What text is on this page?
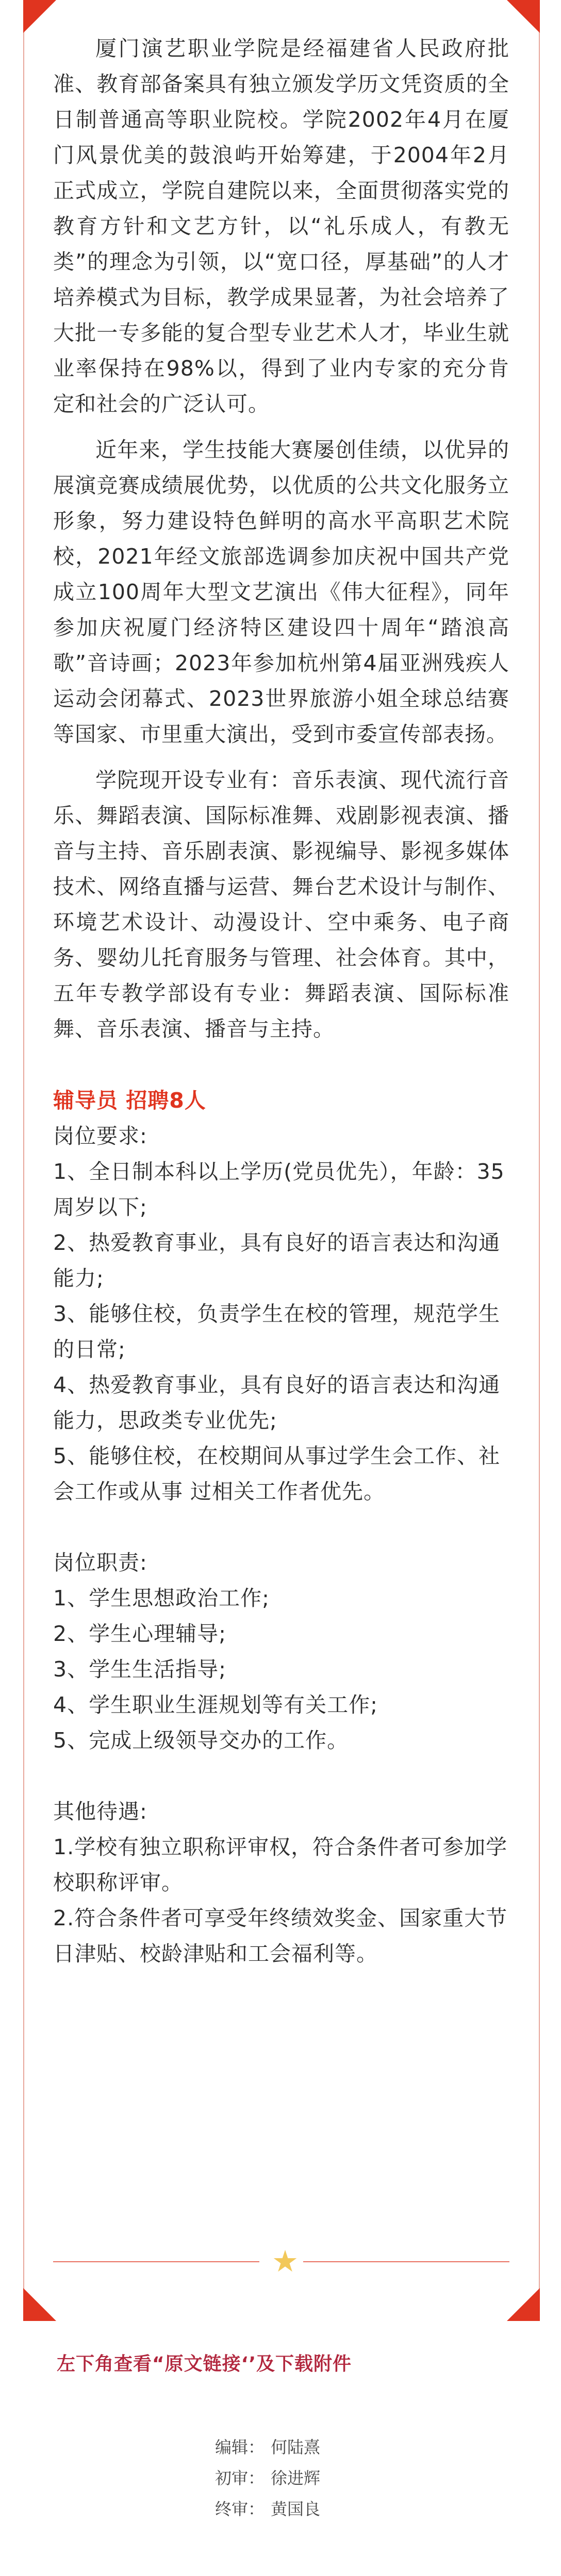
厦门演艺职业学院是经福建省人民政府批准、教育部备案具有独立颁发学历文凭资质的全日制普通高等职业院校。学院2002年4月在厦门风景优美的鼓浪屿开始筹建，于2004年2月正式成立，学院自建院以来，全面贯彻落实党的教育方针和文艺方针，以“礼乐成人，有教无类”的理念为引领，以“宽口径，厚基础”的人才培养模式为目标，教学成果显著，为社会培养了大批一专多能的复合型专业艺术人才，毕业生就业率保持在98%以，得到了业内专家的充分肯定和社会的广泛认可。

近年来，学生技能大赛屡创佳绩，以优异的展演竞赛成绩展优势，以优质的公共文化服务立形象，努力建设特色鲜明的高水平高职艺术院校，2021年经文旅部选调参加庆祝中国共产党成立100周年大型文艺演出《伟大征程》，同年参加庆祝厦门经济特区建设四十周年“踏浪高歌”音诗画；2023年参加杭州第4届亚洲残疾人运动会闭幕式、2023世界旅游小姐全球总结赛等国家、市里重大演出，受到市委宣传部表扬。

学院现开设专业有：音乐表演、现代流行音乐、舞蹈表演、国际标准舞、戏剧影视表演、播音与主持、音乐剧表演、影视编导、影视多媒体技术、网络直播与运营、舞台艺术设计与制作、环境艺术设计、动漫设计、空中乘务、电子商务、婴幼儿托育服务与管理、社会体育。其中，五年专教学部设有专业：舞蹈表演、国际标准舞、音乐表演、播音与主持。

辅导员 招聘8人

岗位要求:

1、全日制本科以上学历(党员优先），年龄：35周岁以下;

2、热爱教育事业，具有良好的语言表达和沟通能力;

3、能够住校，负责学生在校的管理，规范学生的日常;

4、热爱教育事业，具有良好的语言表达和沟通能力，思政类专业优先;

5、能够住校，在校期间从事过学生会工作、社会工作或从事 过相关工作者优先。

岗位职责:

1、学生思想政治工作;

2、学生心理辅导;

3、学生生活指导;

4、学生职业生涯规划等有关工作;

5、完成上级领导交办的工作。

其他待遇:

1.学校有独立职称评审权，符合条件者可参加学校职称评审。

2.符合条件者可享受年终绩效奖金、国家重大节日津贴、校龄津贴和工会福利等。

★
左下角查看“原文链接‘’及下载附件
编辑： 何陆熹
初审： 徐进辉
终审： 黄国良
